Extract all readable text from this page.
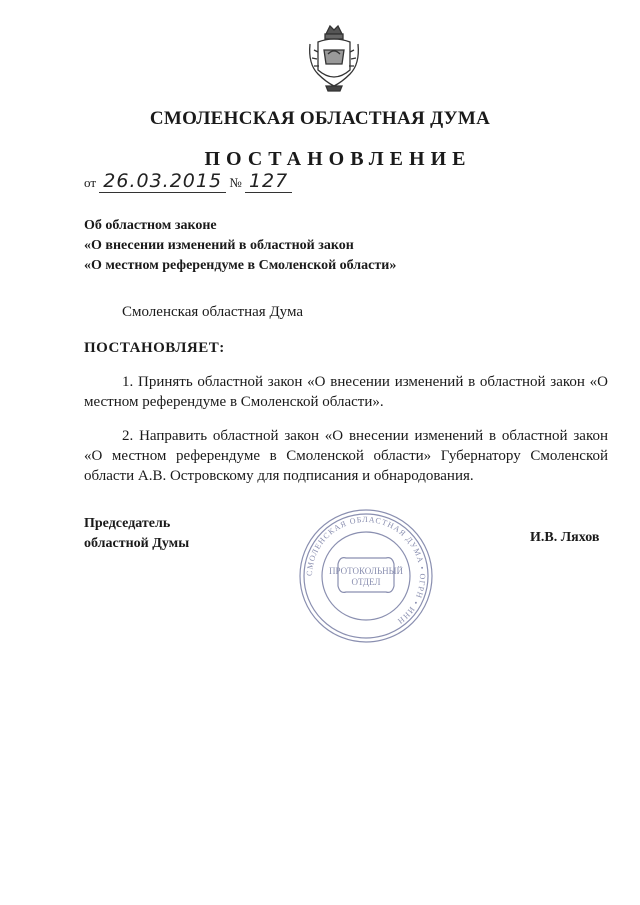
СМОЛЕНСКАЯ ОБЛАСТНАЯ ДУМА
ПОСТАНОВЛЕНИЕ
от 26.03.2015 № 127
Об областном законе
«О внесении изменений в областной закон
«О местном референдуме в Смоленской области»
Смоленская областная Дума
ПОСТАНОВЛЯЕТ:
1. Принять областной закон «О внесении изменений в областной закон «О местном референдуме в Смоленской области».
2. Направить областной закон «О внесении изменений в областной закон «О местном референдуме в Смоленской области» Губернатору Смоленской области А.В. Островскому для подписания и обнародования.
Председатель
областной Думы	И.В. Ляхов
СМОЛЕНСКАЯ ОБЛАСТНАЯ ДУМА • ОГРН • ИНН
ПРОТОКОЛЬНЫЙ
ОТДЕЛ
